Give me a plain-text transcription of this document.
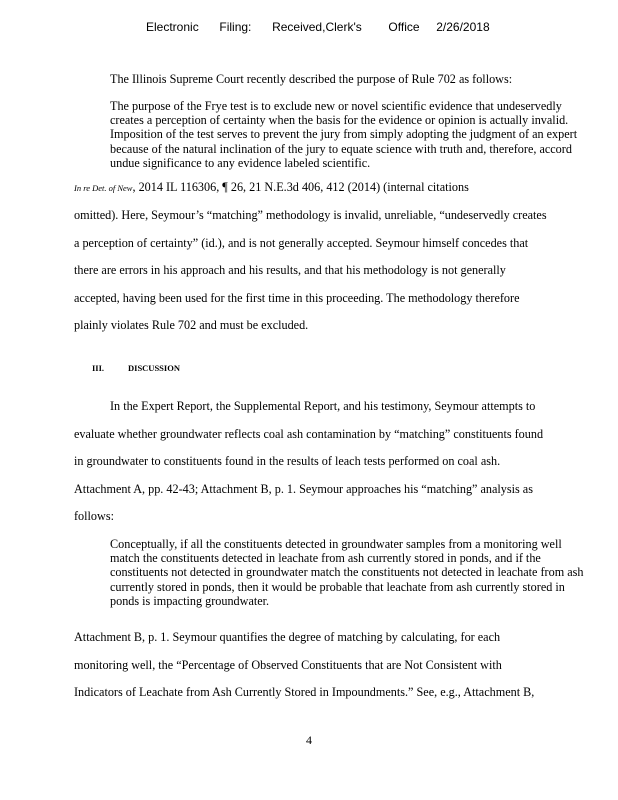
Electronic Filing: Received,Clerk's Office 2/26/2018

The Illinois Supreme Court recently described the purpose of Rule 702 as follows:

The purpose of the Frye test is to exclude new or novel scientific evidence that undeservedly creates a perception of certainty when the basis for the evidence or opinion is actually invalid. Imposition of the test serves to prevent the jury from simply adopting the judgment of an expert because of the natural inclination of the jury to equate science with truth and, therefore, accord undue significance to any evidence labeled scientific.

In re Det. of New, 2014 IL 116306, ¶ 26, 21 N.E.3d 406, 412 (2014) (internal citations

omitted). Here, Seymour’s “matching” methodology is invalid, unreliable, “undeservedly creates

a perception of certainty” (id.), and is not generally accepted. Seymour himself concedes that

there are errors in his approach and his results, and that his methodology is not generally

accepted, having been used for the first time in this proceeding. The methodology therefore

plainly violates Rule 702 and must be excluded.

III.	DISCUSSION

In the Expert Report, the Supplemental Report, and his testimony, Seymour attempts to

evaluate whether groundwater reflects coal ash contamination by “matching” constituents found

in groundwater to constituents found in the results of leach tests performed on coal ash.

Attachment A, pp. 42-43; Attachment B, p. 1. Seymour approaches his “matching” analysis as

follows:

Conceptually, if all the constituents detected in groundwater samples from a monitoring well match the constituents detected in leachate from ash currently stored in ponds, and if the constituents not detected in groundwater match the constituents not detected in leachate from ash currently stored in ponds, then it would be probable that leachate from ash currently stored in ponds is impacting groundwater.

Attachment B, p. 1. Seymour quantifies the degree of matching by calculating, for each

monitoring well, the “Percentage of Observed Constituents that are Not Consistent with

Indicators of Leachate from Ash Currently Stored in Impoundments.” See, e.g., Attachment B,

4
